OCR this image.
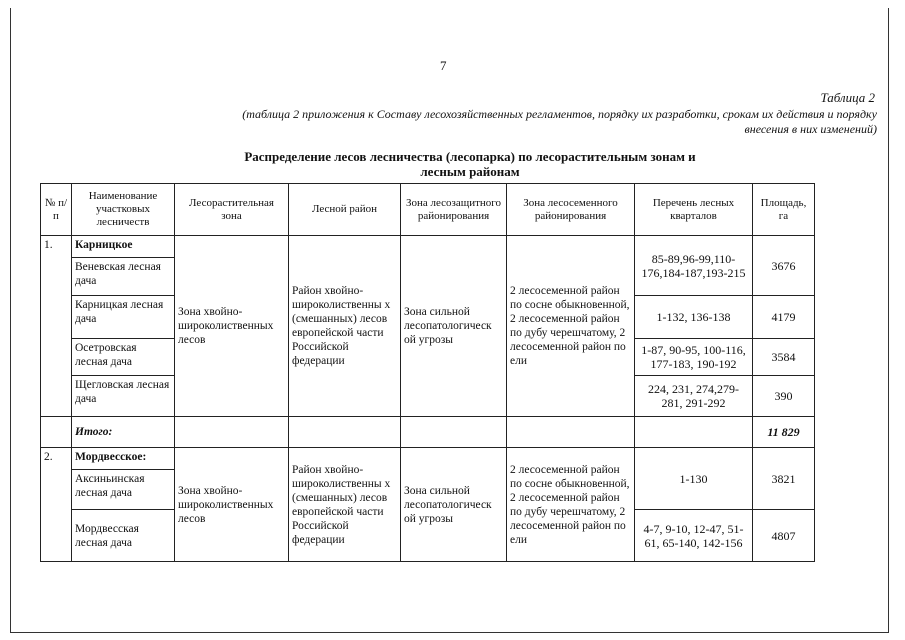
7
Таблица 2
(таблица 2 приложения к Составу лесохозяйственных регламентов, порядку их разработки, срокам их действия и порядку внесения в них изменений)
Распределение лесов лесничества (лесопарка) по лесорастительным зонам и
лесным районам
№ п/п	Наименование участковых лесничеств	Лесорастительная зона	Лесной район	Зона лесозащитного районирования	Зона лесосеменного районирования	Перечень лесных кварталов	Площадь, га
1.	Карницкое	Зона хвойно-широколиственных лесов	Район хвойно-широколиственны х (смешанных) лесов европейской части Российской федерации	Зона сильной лесопатологическ ой угрозы	2 лесосеменной район по сосне обыкновенной, 2 лесосеменной район по дубу черешчатому, 2 лесосеменной район по ели	85-89,96-99,110-176,184-187,193-215	3676
	Веневская лесная дача						
	Карницкая лесная дача					1-132, 136-138	4179
	Осетровская лесная дача					1-87, 90-95, 100-116, 177-183, 190-192	3584
	Щегловская лесная дача					224, 231, 274,279-281, 291-292	390
	Итого:						11 829
2.	Мордвесское:	Зона хвойно-широколиственных лесов	Район хвойно-широколиственны х (смешанных) лесов европейской части Российской федерации	Зона сильной лесопатологическ ой угрозы	2 лесосеменной район по сосне обыкновенной, 2 лесосеменной район по дубу черешчатому, 2 лесосеменной район по ели	1-130	3821
	Аксиньинская лесная дача						
	Мордвесская лесная дача					4-7, 9-10, 12-47, 51-61, 65-140, 142-156	4807
